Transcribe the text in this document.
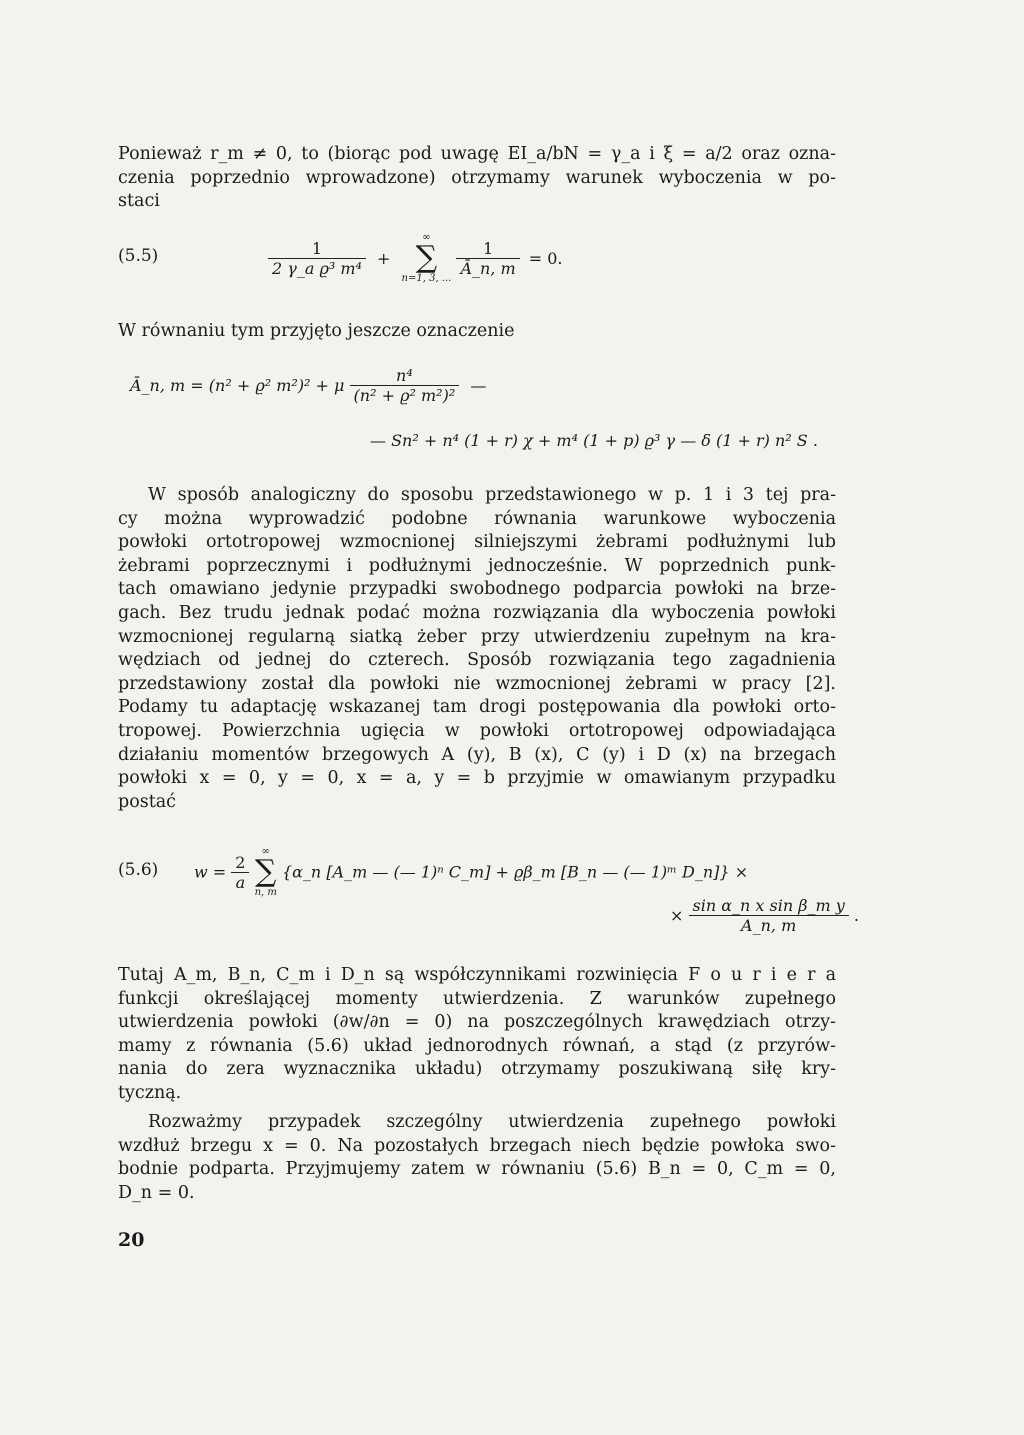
Ponieważ r_m ≠ 0, to (biorąc pod uwagę EI_a/bN = γ_a i ξ = a/2 oraz ozna-
czenia poprzednio wprowadzone) otrzymamy warunek wyboczenia w po-
staci
(5.5)	$\frac{1}{\text{2 γ\_a ϱ³ m⁴}}$ +
∞
∑
n=1, 3, ...

$\frac{1}{Ā\_n, m} = 0$.
W równaniu tym przyjęto jeszcze oznaczenie
Ā_n, m = (n² + ϱ² m²)² + μ $\frac{\text{n⁴}}{\text{(n² + ϱ² m²)²}}$ —
— Sn² + n⁴ (1 + r) χ + m⁴ (1 + p) ϱ³ γ — δ (1 + r) n² S .
W sposób analogiczny do sposobu przedstawionego w p. 1 i 3 tej pra-
cy można wyprowadzić podobne równania warunkowe wyboczenia
powłoki ortotropowej wzmocnionej silniejszymi żebrami podłużnymi lub
żebrami poprzecznymi i podłużnymi jednocześnie. W poprzednich punk-
tach omawiano jedynie przypadki swobodnego podparcia powłoki na brze-
gach. Bez trudu jednak podać można rozwiązania dla wyboczenia powłoki
wzmocnionej regularną siatką żeber przy utwierdzeniu zupełnym na kra-
wędziach od jednej do czterech. Sposób rozwiązania tego zagadnienia
przedstawiony został dla powłoki nie wzmocnionej żebrami w pracy [2].
Podamy tu adaptację wskazanej tam drogi postępowania dla powłoki orto-
tropowej. Powierzchnia ugięcia w powłoki ortotropowej odpowiadająca
działaniu momentów brzegowych A (y), B (x), C (y) i D (x) na brzegach
powłoki x = 0, y = 0, x = a, y = b przyjmie w omawianym przypadku
postać
(5.6) $w = \frac{2}{a}$

∞
∑
n, m
{α_n [A_m — (— 1)ⁿ C_m] + ϱβ_m [B_n — (— 1)ᵐ D_n]} ×
× $\frac{\text{sin α\_n x sin β\_m y}}{A\_n, m}$ .
Tutaj A_m, B_n, C_m i D_n są współczynnikami rozwinięcia F o u r i e r a
funkcji określającej momenty utwierdzenia. Z warunków zupełnego
utwierdzenia powłoki (∂w/∂n = 0) na poszczególnych krawędziach otrzy-
mamy z równania (5.6) układ jednorodnych równań, a stąd (z przyrów-
nania do zera wyznacznika układu) otrzymamy poszukiwaną siłę kry-
tyczną.
Rozważmy przypadek szczególny utwierdzenia zupełnego powłoki
wzdłuż brzegu x = 0. Na pozostałych brzegach niech będzie powłoka swo-
bodnie podparta. Przyjmujemy zatem w równaniu (5.6) B_n = 0, C_m = 0,
D_n = 0.
20
